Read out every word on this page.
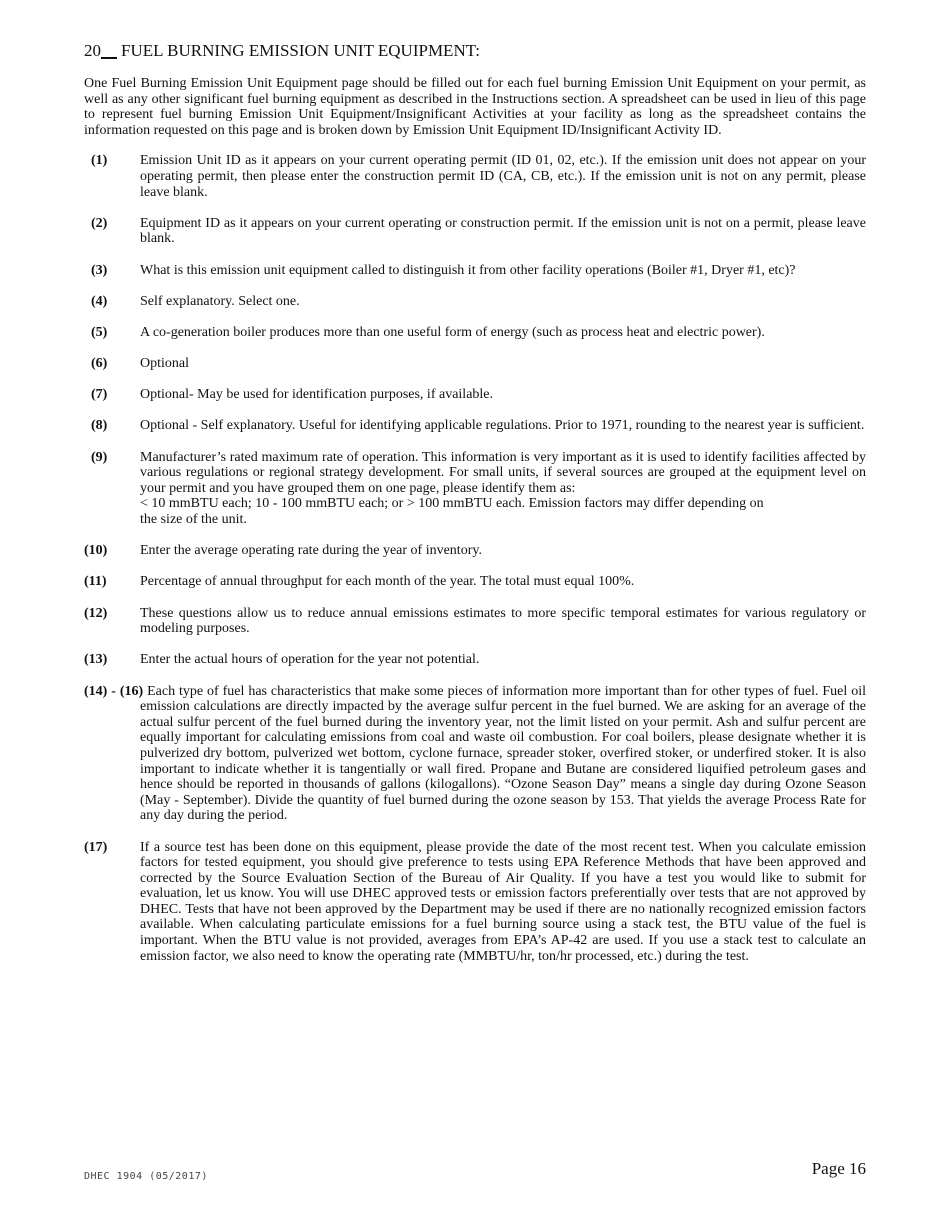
20 FUEL BURNING EMISSION UNIT EQUIPMENT:

One Fuel Burning Emission Unit Equipment page should be filled out for each fuel burning Emission Unit Equipment on your permit, as well as any other significant fuel burning equipment as described in the Instructions section. A spreadsheet can be used in lieu of this page to represent fuel burning Emission Unit Equipment/Insignificant Activities at your facility as long as the spreadsheet contains the information requested on this page and is broken down by Emission Unit Equipment ID/Insignificant Activity ID.

(1)	Emission Unit ID as it appears on your current operating permit (ID 01, 02, etc.). If the emission unit does not appear on your operating permit, then please enter the construction permit ID (CA, CB, etc.). If the emission unit is not on any permit, please leave blank.
(2)	Equipment ID as it appears on your current operating or construction permit. If the emission unit is not on a permit, please leave blank.
(3)	What is this emission unit equipment called to distinguish it from other facility operations (Boiler #1, Dryer #1, etc)?
(4)	Self explanatory. Select one.
(5)	A co-generation boiler produces more than one useful form of energy (such as process heat and electric power).
(6)	Optional
(7)	Optional- May be used for identification purposes, if available.
(8)	Optional - Self explanatory. Useful for identifying applicable regulations. Prior to 1971, rounding to the nearest year is sufficient.
(9)	Manufacturer’s rated maximum rate of operation. This information is very important as it is used to identify facilities affected by various regulations or regional strategy development. For small units, if several sources are grouped at the equipment level on your permit and you have grouped them on one page, please identify them as:
< 10 mmBTU each; 10 - 100 mmBTU each; or > 100 mmBTU each. Emission factors may differ depending on
the size of the unit.
(10)	Enter the average operating rate during the year of inventory.
(11)	Percentage of annual throughput for each month of the year. The total must equal 100%.
(12)	These questions allow us to reduce annual emissions estimates to more specific temporal estimates for various regulatory or modeling purposes.
(13)	Enter the actual hours of operation for the year not potential.
(14) - (16) Each type of fuel has characteristics that make some pieces of information more important than for other types of fuel. Fuel oil emission calculations are directly impacted by the average sulfur percent in the fuel burned. We are asking for an average of the actual sulfur percent of the fuel burned during the inventory year, not the limit listed on your permit. Ash and sulfur percent are equally important for calculating emissions from coal and waste oil combustion. For coal boilers, please designate whether it is pulverized dry bottom, pulverized wet bottom, cyclone furnace, spreader stoker, overfired stoker, or underfired stoker. It is also important to indicate whether it is tangentially or wall fired. Propane and Butane are considered liquified petroleum gases and hence should be reported in thousands of gallons (kilogallons). “Ozone Season Day” means a single day during Ozone Season (May - September). Divide the quantity of fuel burned during the ozone season by 153. That yields the average Process Rate for any day during the period.
(17)	If a source test has been done on this equipment, please provide the date of the most recent test. When you calculate emission factors for tested equipment, you should give preference to tests using EPA Reference Methods that have been approved and corrected by the Source Evaluation Section of the Bureau of Air Quality. If you have a test you would like to submit for evaluation, let us know. You will use DHEC approved tests or emission factors preferentially over tests that are not approved by DHEC. Tests that have not been approved by the Department may be used if there are no nationally recognized emission factors available. When calculating particulate emissions for a fuel burning source using a stack test, the BTU value of the fuel is important. When the BTU value is not provided, averages from EPA’s AP-42 are used. If you use a stack test to calculate an emission factor, we also need to know the operating rate (MMBTU/hr, ton/hr processed, etc.) during the test.
DHEC 1904 (05/2017)	Page 16
